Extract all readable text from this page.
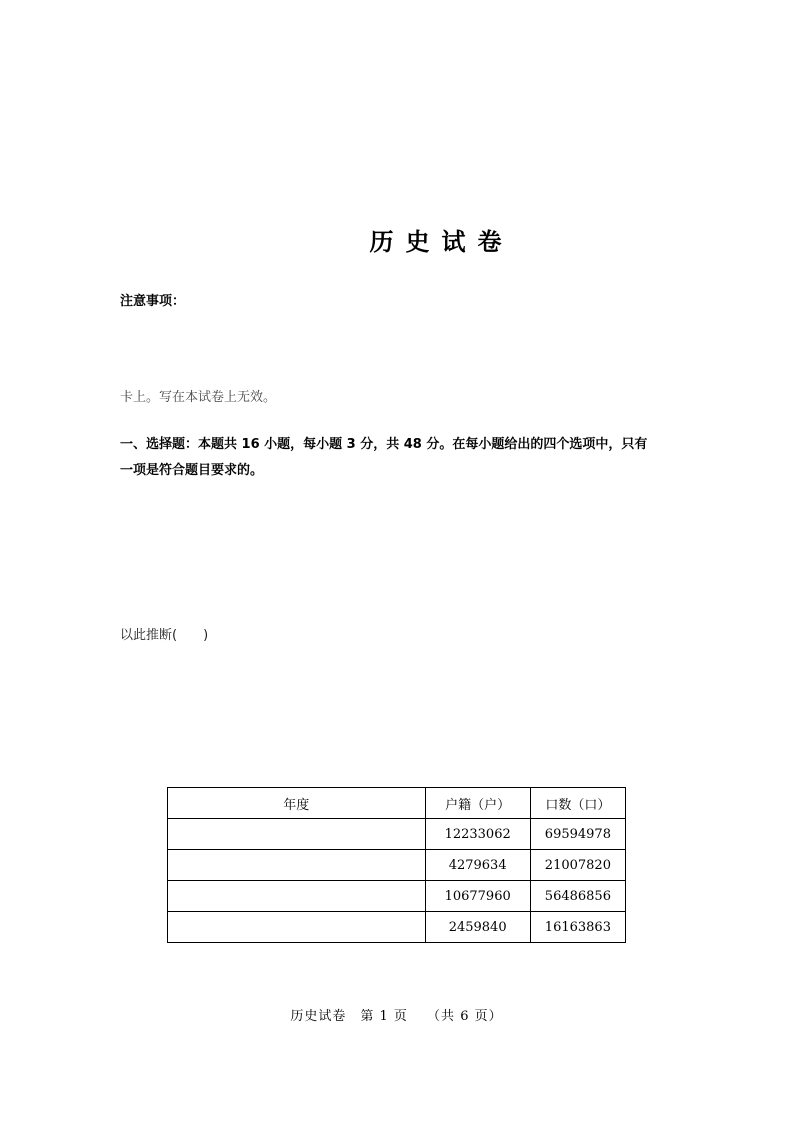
历史试卷
注意事项：
卡上。写在本试卷上无效。
一、选择题：本题共 16 小题，每小题 3 分，共 48 分。在每小题给出的四个选项中，只有
一项是符合题目要求的。
以此推断(　　)
年度	户籍（户）	口数（口）
	12233062	69594978
	4279634	21007820
	10677960	56486856
	2459840	16163863
历史试卷　第 1 页　 （共 6 页）
